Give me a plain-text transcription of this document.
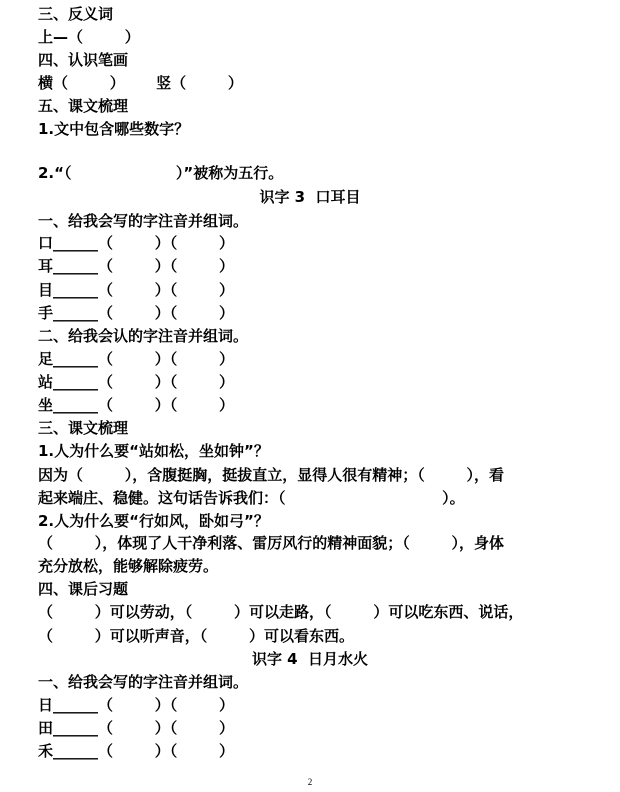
三、反义词
上—（        ）
四、认识笔画
横（        ）      竖（        ）
五、课文梳理
1.文中包含哪些数字？
2.“（                    ）”被称为五行。
识字 3  口耳目
一、给我会写的字注音并组词。
口______（        ）（        ）
耳______（        ）（        ）
目______（        ）（        ）
手______（        ）（        ）
二、给我会认的字注音并组词。
足______（        ）（        ）
站______（        ）（        ）
坐______（        ）（        ）
三、课文梳理
1.人为什么要“站如松，坐如钟”？
因为（        ），含腹挺胸，挺拔直立，显得人很有精神；（        ），看
起来端庄、稳健。这句话告诉我们：（                              ）。
2.人为什么要“行如风，卧如弓”？
（        ），体现了人干净利落、雷厉风行的精神面貌；（        ），身体
充分放松，能够解除疲劳。
四、课后习题
（        ）可以劳动，（        ）可以走路，（        ）可以吃东西、说话，
（        ）可以听声音，（        ）可以看东西。
识字 4  日月水火
一、给我会写的字注音并组词。
日______（        ）（        ）
田______（        ）（        ）
禾______（        ）（        ）
2
